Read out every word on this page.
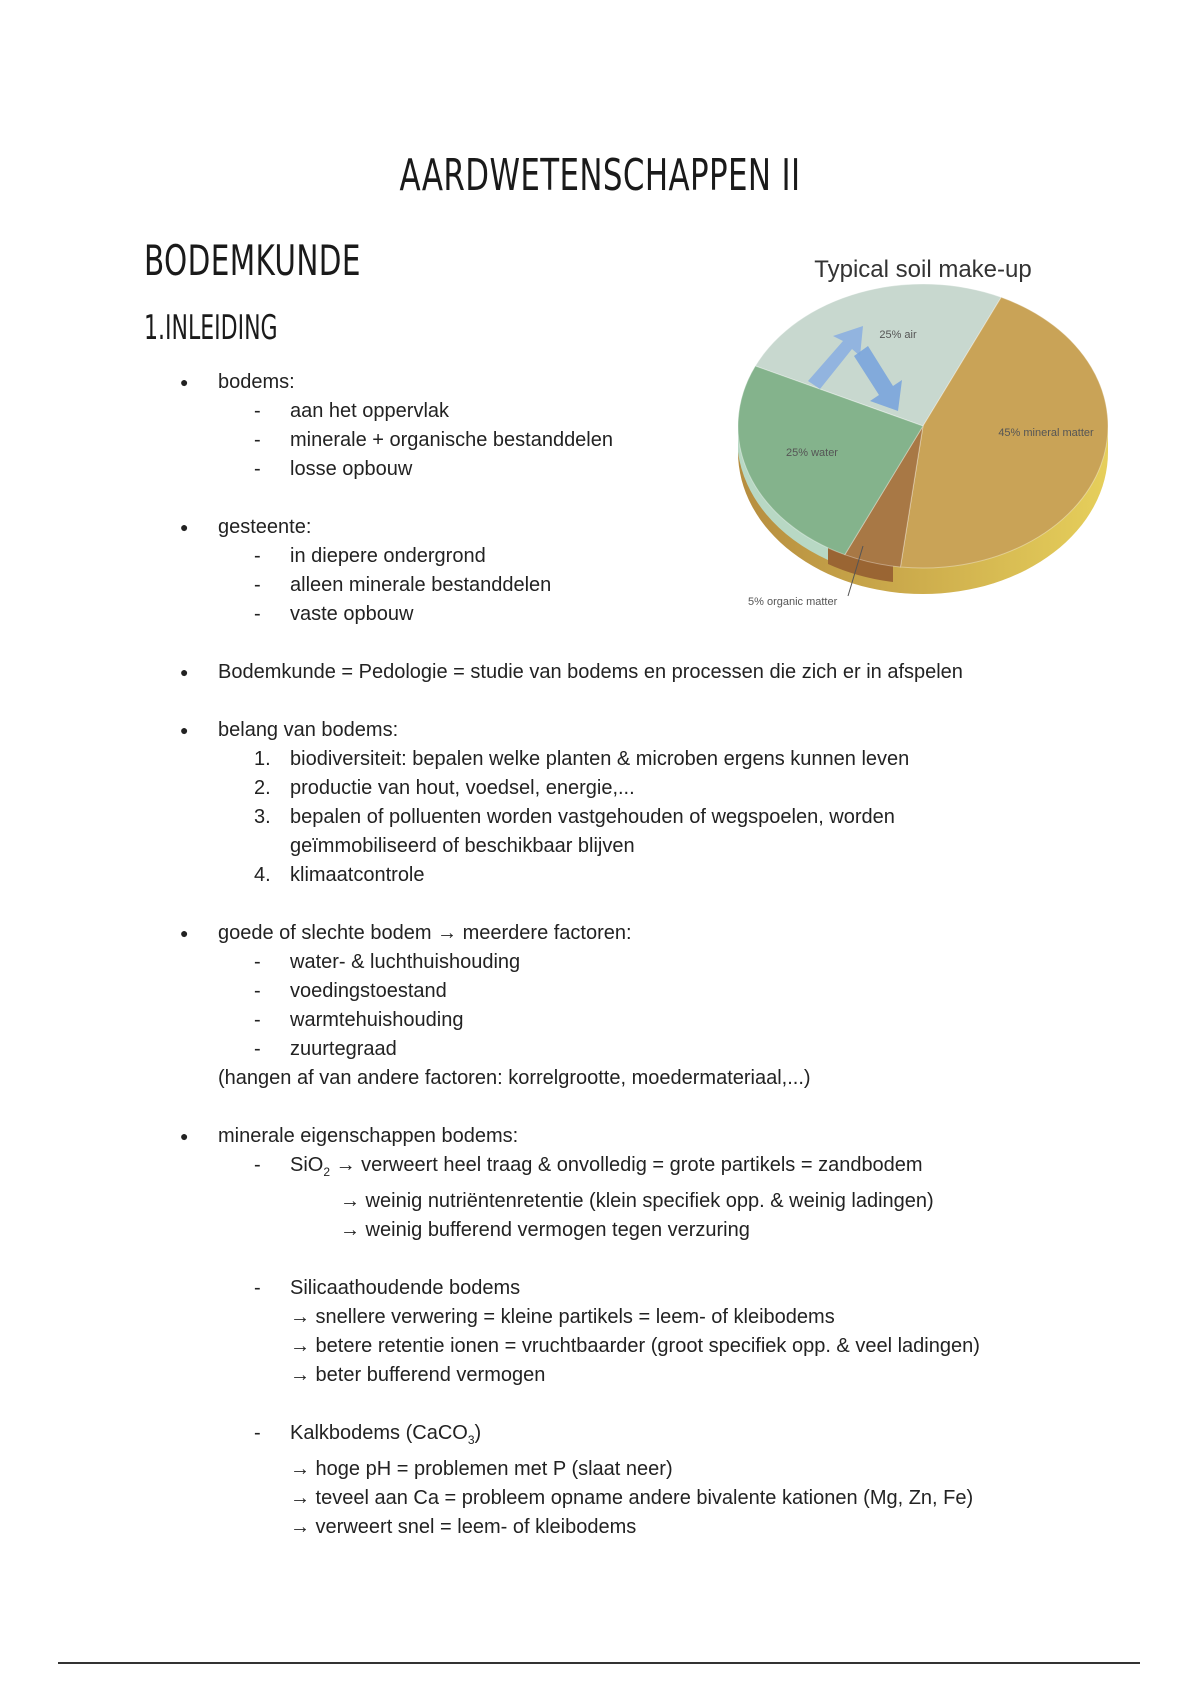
AARDWETENSCHAPPEN II
BODEMKUNDE
1.INLEIDING
Typical soil make-up
25% air
45% mineral matter
5% organic matter
25% water
● bodems:
- aan het oppervlak
- minerale + organische bestanddelen
- losse opbouw
● gesteente:
- in diepere ondergrond
- alleen minerale bestanddelen
- vaste opbouw
● Bodemkunde = Pedologie = studie van bodems en processen die zich er in afspelen
● belang van bodems:
1. biodiversiteit: bepalen welke planten & microben ergens kunnen leven
2. productie van hout, voedsel, energie,...
3. bepalen of polluenten worden vastgehouden of wegspoelen, worden
geïmmobiliseerd of beschikbaar blijven
4. klimaatcontrole
● goede of slechte bodem → meerdere factoren:
- water- & luchthuishouding
- voedingstoestand
- warmtehuishouding
- zuurtegraad
(hangen af van andere factoren: korrelgrootte, moedermateriaal,...)
● minerale eigenschappen bodems:
- SiO$_2$ → verweert heel traag & onvolledig = grote partikels = zandbodem
→ weinig nutriëntenretentie (klein specifiek opp. & weinig ladingen)
→ weinig bufferend vermogen tegen verzuring
- Silicaathoudende bodems
→ snellere verwering = kleine partikels = leem- of kleibodems
→ betere retentie ionen = vruchtbaarder (groot specifiek opp. & veel ladingen)
→ beter bufferend vermogen
- Kalkbodems (CaCO$_3$)
→ hoge pH = problemen met P (slaat neer)
→ teveel aan Ca = probleem opname andere bivalente kationen (Mg, Zn, Fe)
→ verweert snel = leem- of kleibodems
